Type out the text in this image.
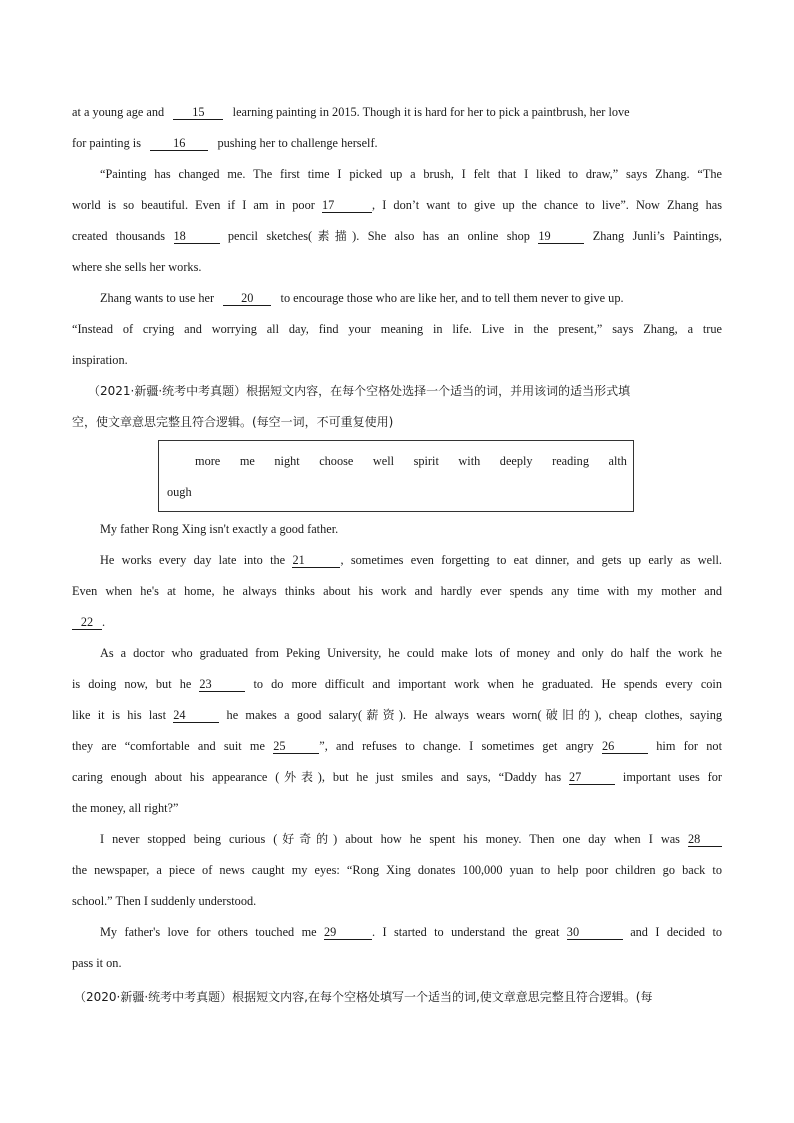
at a young age and 15 learning painting in 2015. Though it is hard for her to pick a paintbrush, her love
for painting is	16	pushing her to challenge herself.
“Painting has changed me. The first time I picked up a brush, I felt that I liked to draw,” says Zhang. “The
world is so beautiful. Even if I am in poor 17	, I don’t want to give up the chance to live”. Now Zhang has
created thousands 18	pencil sketches(素描). She also has an online shop 19	Zhang Junli’s Paintings,
where she sells her works.
Zhang wants to use her 20 to encourage those who are like her, and to tell them never to give up.
“Instead of crying and worrying all day, find your meaning in life. Live in the present,” says Zhang, a true
inspiration.
（2021·新疆·统考中考真题）根据短文内容，在每个空格处选择一个适当的词，并用该词的适当形式填
空，使文章意思完整且符合逻辑。(每空一词，不可重复使用)
more me night choose well spirit with deeply reading alth
ough
My father Rong Xing isn't exactly a good father.
He works every day late into the 21	, sometimes even forgetting to eat dinner, and gets up early as well.
Even when he's at home, he always thinks about his work and hardly ever spends any time with my mother and
22 .
As a doctor who graduated from Peking University, he could make lots of money and only do half the work he
is doing now, but he 23	to do more difficult and important work when he graduated. He spends every coin
like it is his last 24	he makes a good salary(薪资). He always wears worn(破旧的), cheap clothes, saying
they are “comfortable and suit me 25	”, and refuses to change. I sometimes get angry 26	him for not
caring enough about his appearance (外表), but he just smiles and says, “Daddy has 27	important uses for
the money, all right?”
I never stopped being curious (好奇的) about how he spent his money. Then one day when I was 28
the newspaper, a piece of news caught my eyes: “Rong Xing donates 100,000 yuan to help poor children go back to
school.” Then I suddenly understood.
My father's love for others touched me 29	. I started to understand the great 30	and I decided to
pass it on.
（2020·新疆·统考中考真题）根据短文内容,在每个空格处填写一个适当的词,使文章意思完整且符合逻辑。(每
